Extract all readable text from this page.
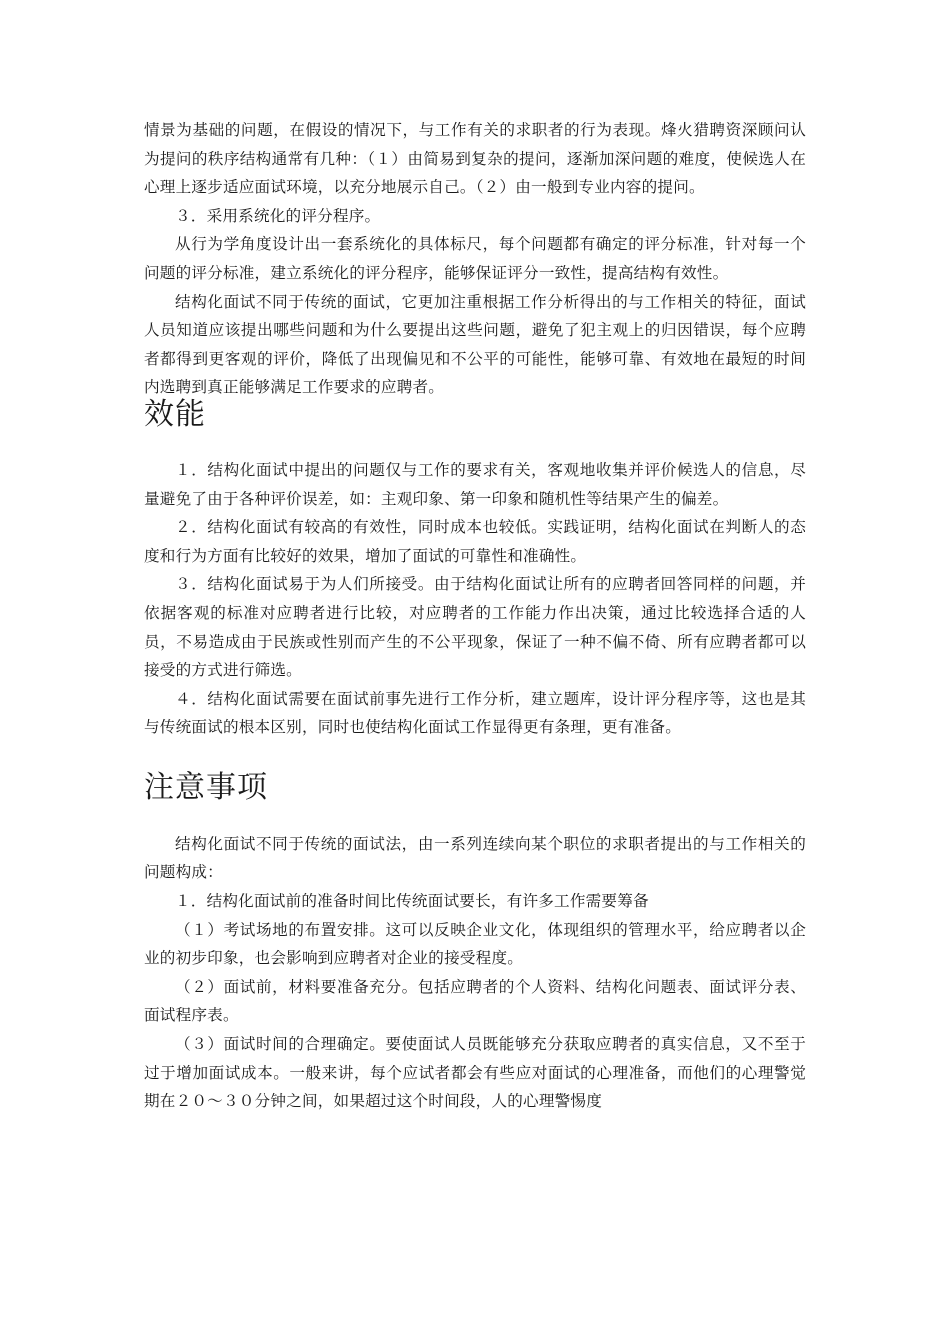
情景为基础的问题，在假设的情况下，与工作有关的求职者的行为表现。烽火猎聘资深顾问认为提问的秩序结构通常有几种：（１）由简易到复杂的提问，逐渐加深问题的难度，使候选人在心理上逐步适应面试环境，以充分地展示自己。（２）由一般到专业内容的提问。

３．采用系统化的评分程序。

从行为学角度设计出一套系统化的具体标尺，每个问题都有确定的评分标准，针对每一个问题的评分标准，建立系统化的评分程序，能够保证评分一致性，提高结构有效性。

结构化面试不同于传统的面试，它更加注重根据工作分析得出的与工作相关的特征，面试人员知道应该提出哪些问题和为什么要提出这些问题，避免了犯主观上的归因错误，每个应聘者都得到更客观的评价，降低了出现偏见和不公平的可能性，能够可靠、有效地在最短的时间内选聘到真正能够满足工作要求的应聘者。

效能

１．结构化面试中提出的问题仅与工作的要求有关，客观地收集并评价候选人的信息，尽量避免了由于各种评价误差，如：主观印象、第一印象和随机性等结果产生的偏差。

２．结构化面试有较高的有效性，同时成本也较低。实践证明，结构化面试在判断人的态度和行为方面有比较好的效果，增加了面试的可靠性和准确性。

３．结构化面试易于为人们所接受。由于结构化面试让所有的应聘者回答同样的问题，并依据客观的标准对应聘者进行比较，对应聘者的工作能力作出决策，通过比较选择合适的人员，不易造成由于民族或性别而产生的不公平现象，保证了一种不偏不倚、所有应聘者都可以接受的方式进行筛选。

４．结构化面试需要在面试前事先进行工作分析，建立题库，设计评分程序等，这也是其与传统面试的根本区别，同时也使结构化面试工作显得更有条理，更有准备。

注意事项

结构化面试不同于传统的面试法，由一系列连续向某个职位的求职者提出的与工作相关的问题构成：

１．结构化面试前的准备时间比传统面试要长，有许多工作需要筹备

（１）考试场地的布置安排。这可以反映企业文化，体现组织的管理水平，给应聘者以企业的初步印象，也会影响到应聘者对企业的接受程度。

（２）面试前，材料要准备充分。包括应聘者的个人资料、结构化问题表、面试评分表、面试程序表。

（３）面试时间的合理确定。要使面试人员既能够充分获取应聘者的真实信息，又不至于过于增加面试成本。一般来讲，每个应试者都会有些应对面试的心理准备，而他们的心理警觉期在２０～３０分钟之间，如果超过这个时间段，人的心理警惕度
